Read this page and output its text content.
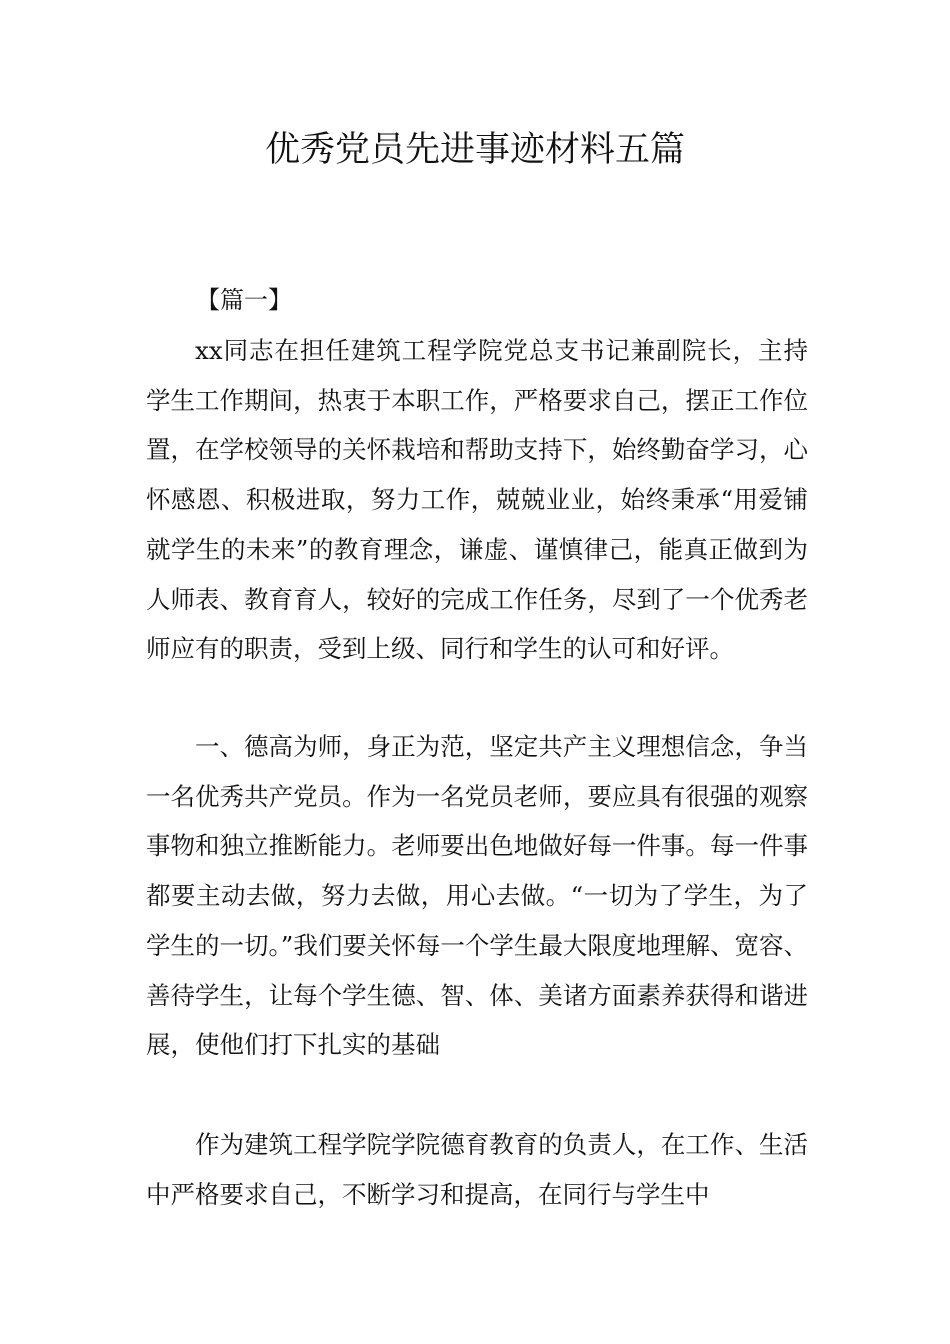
优秀党员先进事迹材料五篇

【篇一】

xx同志在担任建筑工程学院党总支书记兼副院长，主持学生工作期间，热衷于本职工作，严格要求自己，摆正工作位置，在学校领导的关怀栽培和帮助支持下，始终勤奋学习，心怀感恩、积极进取，努力工作，兢兢业业，始终秉承“用爱铺就学生的未来”的教育理念，谦虚、谨慎律己，能真正做到为人师表、教育育人，较好的完成工作任务，尽到了一个优秀老师应有的职责，受到上级、同行和学生的认可和好评。

一、德高为师，身正为范，坚定共产主义理想信念，争当一名优秀共产党员。作为一名党员老师，要应具有很强的观察事物和独立推断能力。老师要出色地做好每一件事。每一件事都要主动去做，努力去做，用心去做。“一切为了学生，为了学生的一切。”我们要关怀每一个学生最大限度地理解、宽容、善待学生，让每个学生德、智、体、美诸方面素养获得和谐进展，使他们打下扎实的基础

作为建筑工程学院学院德育教育的负责人，在工作、生活中严格要求自己，不断学习和提高，在同行与学生中
